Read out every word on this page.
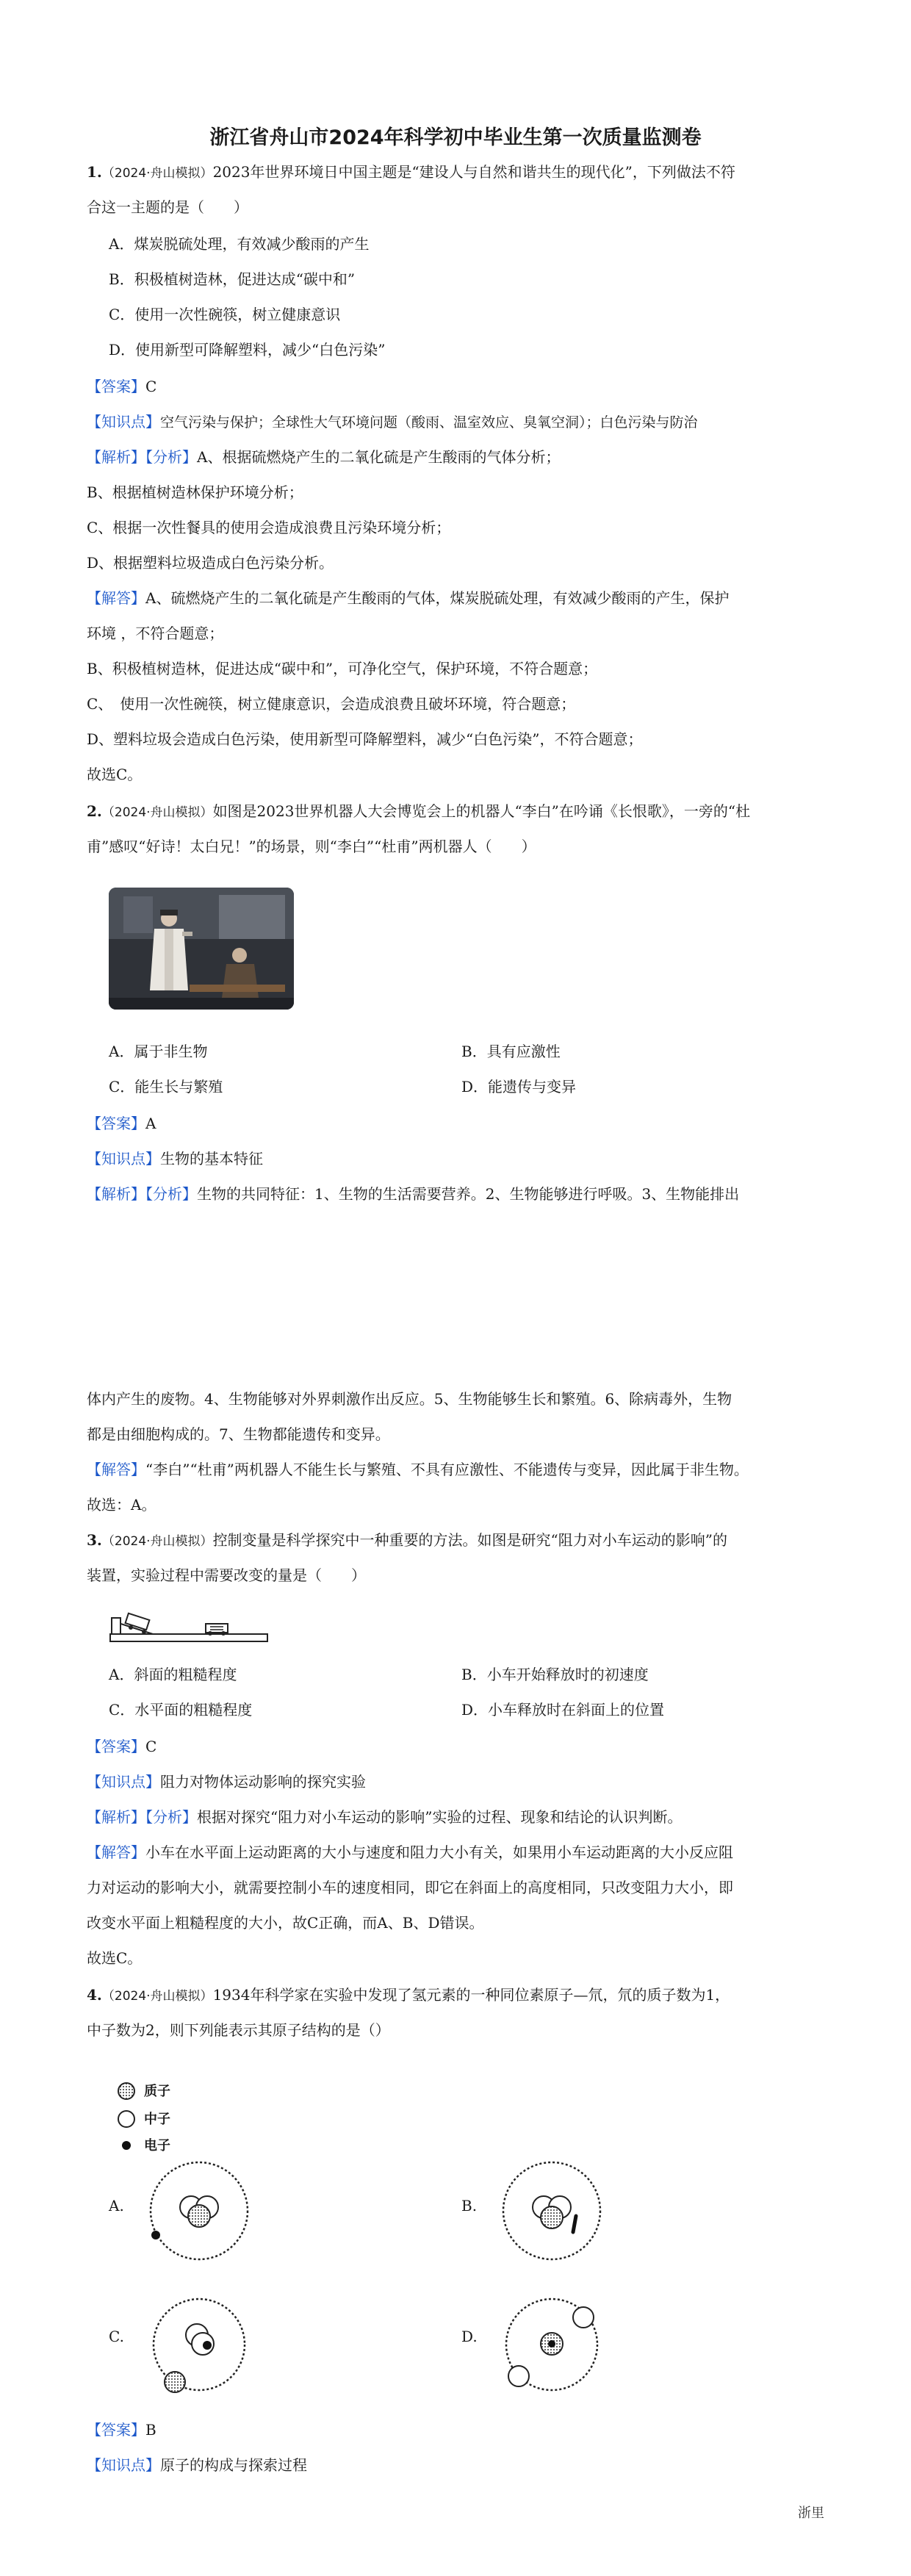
浙江省舟山市2024年科学初中毕业生第一次质量监测卷
1.（2024·舟山模拟）2023年世界环境日中国主题是“建设人与自然和谐共生的现代化”，下列做法不符
合这一主题的是（　　）
A．煤炭脱硫处理，有效减少酸雨的产生
B．积极植树造林，促进达成“碳中和”
C．使用一次性碗筷，树立健康意识
D．使用新型可降解塑料，减少“白色污染”
【答案】C
【知识点】空气污染与保护；全球性大气环境问题（酸雨、温室效应、臭氧空洞）；白色污染与防治
【解析】【分析】A、根据硫燃烧产生的二氧化硫是产生酸雨的气体分析；
B、根据植树造林保护环境分析；
C、根据一次性餐具的使用会造成浪费且污染环境分析；
D、根据塑料垃圾造成白色污染分析。
【解答】A、硫燃烧产生的二氧化硫是产生酸雨的气体，煤炭脱硫处理，有效减少酸雨的产生，保护
环境 ，不符合题意；
B、积极植树造林，促进达成“碳中和”，可净化空气，保护环境，不符合题意；
C、　使用一次性碗筷，树立健康意识，会造成浪费且破坏环境，符合题意；
D、塑料垃圾会造成白色污染，使用新型可降解塑料，减少“白色污染”，不符合题意；
故选C。
2.（2024·舟山模拟）如图是2023世界机器人大会博览会上的机器人“李白”在吟诵《长恨歌》，一旁的“杜
甫”感叹“好诗！太白兄！”的场景，则“李白”“杜甫”两机器人（　　）
A．属于非生物	B．具有应激性
C．能生长与繁殖	D．能遗传与变异
【答案】A
【知识点】生物的基本特征
【解析】【分析】生物的共同特征：1、生物的生活需要营养。2、生物能够进行呼吸。3、生物能排出
体内产生的废物。4、生物能够对外界刺激作出反应。5、生物能够生长和繁殖。6、除病毒外，生物
都是由细胞构成的。7、生物都能遗传和变异。
【解答】“李白”“杜甫”两机器人不能生长与繁殖、不具有应激性、不能遗传与变异，因此属于非生物。
故选：A。
3.（2024·舟山模拟）控制变量是科学探究中一种重要的方法。如图是研究“阻力对小车运动的影响”的
装置，实验过程中需要改变的量是（　　）
A．斜面的粗糙程度	B．小车开始释放时的初速度
C．水平面的粗糙程度	D．小车释放时在斜面上的位置
【答案】C
【知识点】阻力对物体运动影响的探究实验
【解析】【分析】根据对探究“阻力对小车运动的影响”实验的过程、现象和结论的认识判断。
【解答】小车在水平面上运动距离的大小与速度和阻力大小有关，如果用小车运动距离的大小反应阻
力对运动的影响大小，就需要控制小车的速度相同，即它在斜面上的高度相同，只改变阻力大小，即
改变水平面上粗糙程度的大小，故C正确，而A、B、D错误。
故选C。
4.（2024·舟山模拟）1934年科学家在实验中发现了氢元素的一种同位素原子—氘，氘的质子数为1，
中子数为2，则下列能表示其原子结构的是（）
质子
中子
电子
A.	B.
C.	D.
【答案】B
【知识点】原子的构成与探索过程
浙里
